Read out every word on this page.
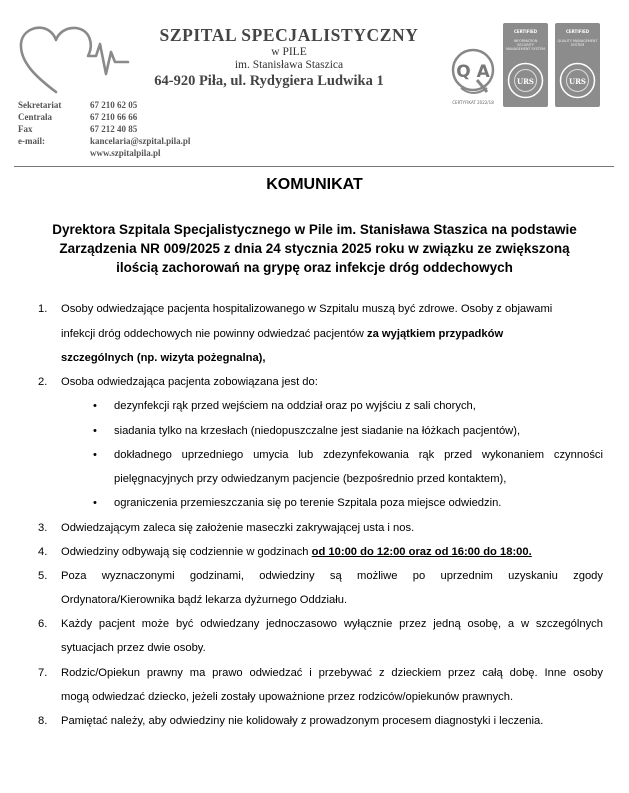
SZPITAL SPECJALISTYCZNY
w PILE
im. Stanisława Staszica
64-920 Piła, ul. Rydygiera Ludwika 1	Q A
CERTYFIKAT 2022/18
CERTIFIED
INFORMATION SECURITY MANAGEMENT SYSTEM
URS
CERTIFIED
QUALITY MANAGEMENT SYSTEM
URS
Sekretariat	67 210 62 05
Centrala	67 210 66 66
Fax	67 212 40 85
e-mail:	kancelaria@szpital.pila.pl
www.szpitalpila.pl
KOMUNIKAT
Dyrektora Szpitala Specjalistycznego w Pile im. Stanisława Staszica na podstawie
Zarządzenia NR 009/2025 z dnia 24 stycznia 2025 roku w związku ze zwiększoną
ilością zachorowań na grypę oraz infekcje dróg oddechowych
1. Osoby odwiedzające pacjenta hospitalizowanego w Szpitalu muszą być zdrowe. Osoby z objawami
infekcji dróg oddechowych nie powinny odwiedzać pacjentów za wyjątkiem przypadków
szczególnych (np. wizyta pożegnalna),
2. Osoba odwiedzająca pacjenta zobowiązana jest do:
• dezynfekcji rąk przed wejściem na oddział oraz po wyjściu z sali chorych,
• siadania tylko na krzesłach (niedopuszczalne jest siadanie na łóżkach pacjentów),
• dokładnego uprzedniego umycia lub zdezynfekowania rąk przed wykonaniem czynności
pielęgnacyjnych przy odwiedzanym pacjencie (bezpośrednio przed kontaktem),
• ograniczenia przemieszczania się po terenie Szpitala poza miejsce odwiedzin.
3. Odwiedzającym zaleca się założenie maseczki zakrywającej usta i nos.
4. Odwiedziny odbywają się codziennie w godzinach od 10:00 do 12:00 oraz od 16:00 do 18:00.
5. Poza wyznaczonymi godzinami, odwiedziny są możliwe po uprzednim uzyskaniu zgody
Ordynatora/Kierownika bądź lekarza dyżurnego Oddziału.
6. Każdy pacjent może być odwiedzany jednoczasowo wyłącznie przez jedną osobę, a w szczególnych
sytuacjach przez dwie osoby.
7. Rodzic/Opiekun prawny ma prawo odwiedzać i przebywać z dzieckiem przez całą dobę. Inne osoby
mogą odwiedzać dziecko, jeżeli zostały upoważnione przez rodziców/opiekunów prawnych.
8. Pamiętać należy, aby odwiedziny nie kolidowały z prowadzonym procesem diagnostyki i leczenia.
